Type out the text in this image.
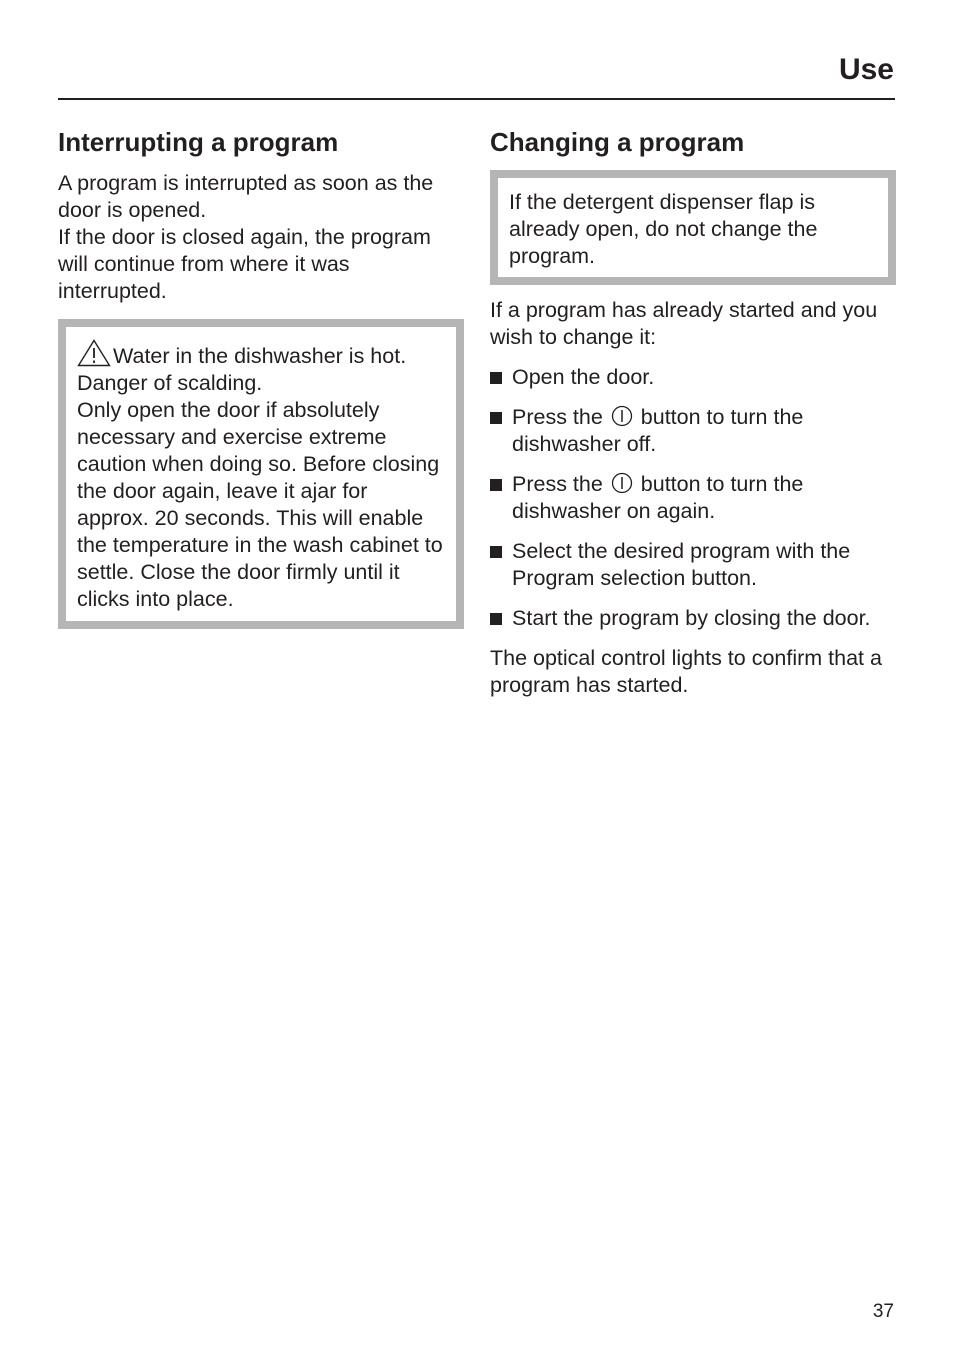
Use
Interrupting a program

A program is interrupted as soon as the door is opened.

If the door is closed again, the program will continue from where it was interrupted.

Water in the dishwasher is hot.

Danger of scalding.

Only open the door if absolutely necessary and exercise extreme caution when doing so. Before closing the door again, leave it ajar for approx. 20 seconds. This will enable the temperature in the wash cabinet to settle. Close the door firmly until it clicks into place.

Changing a program

If the detergent dispenser flap is already open, do not change the program.

If a program has already started and you wish to change it:

Open the door.
Press the button to turn the dishwasher off.
Press the button to turn the dishwasher on again.
Select the desired program with the Program selection button.
Start the program by closing the door.

The optical control lights to confirm that a program has started.

37
